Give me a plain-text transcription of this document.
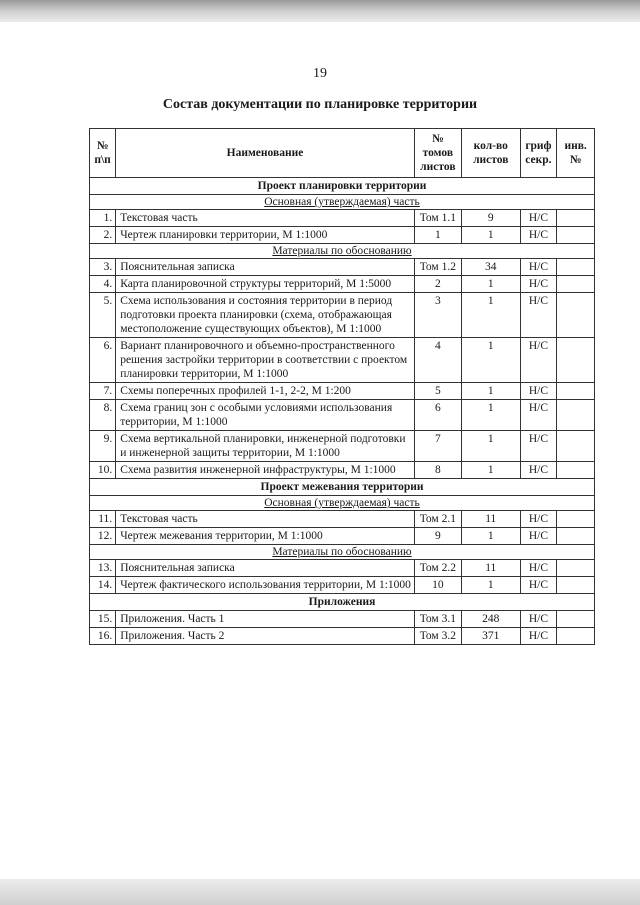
19
Состав документации по планировке территории
№ п\п	Наименование	№ томов листов	кол-во листов	гриф секр.	инв. №
Проект планировки территории					
Основная (утверждаемая) часть					
1.	Текстовая часть	Том 1.1	9	Н/С	
2.	Чертеж планировки территории, М 1:1000	1	1	Н/С	
Материалы по обоснованию					
3.	Пояснительная записка	Том 1.2	34	Н/С	
4.	Карта планировочной структуры территорий, М 1:5000	2	1	Н/С	
5.	Схема использования и состояния территории в период подготовки проекта планировки (схема, отображающая местоположение существующих объектов), М 1:1000	3	1	Н/С	
6.	Вариант планировочного и объемно-пространственного решения застройки территории в соответствии с проектом планировки территории, М 1:1000	4	1	Н/С	
7.	Схемы поперечных профилей 1-1, 2-2, М 1:200	5	1	Н/С	
8.	Схема границ зон с особыми условиями использования территории, М 1:1000	6	1	Н/С	
9.	Схема вертикальной планировки, инженерной подготовки и инженерной защиты территории, М 1:1000	7	1	Н/С	
10.	Схема развития инженерной инфраструктуры, М 1:1000	8	1	Н/С	
Проект межевания территории					
Основная (утверждаемая) часть					
11.	Текстовая часть	Том 2.1	11	Н/С	
12.	Чертеж межевания территории, М 1:1000	9	1	Н/С	
Материалы по обоснованию					
13.	Пояснительная записка	Том 2.2	11	Н/С	
14.	Чертеж фактического использования территории, М 1:1000	10	1	Н/С	
Приложения					
15.	Приложения. Часть 1	Том 3.1	248	Н/С	
16.	Приложения. Часть 2	Том 3.2	371	Н/С	
